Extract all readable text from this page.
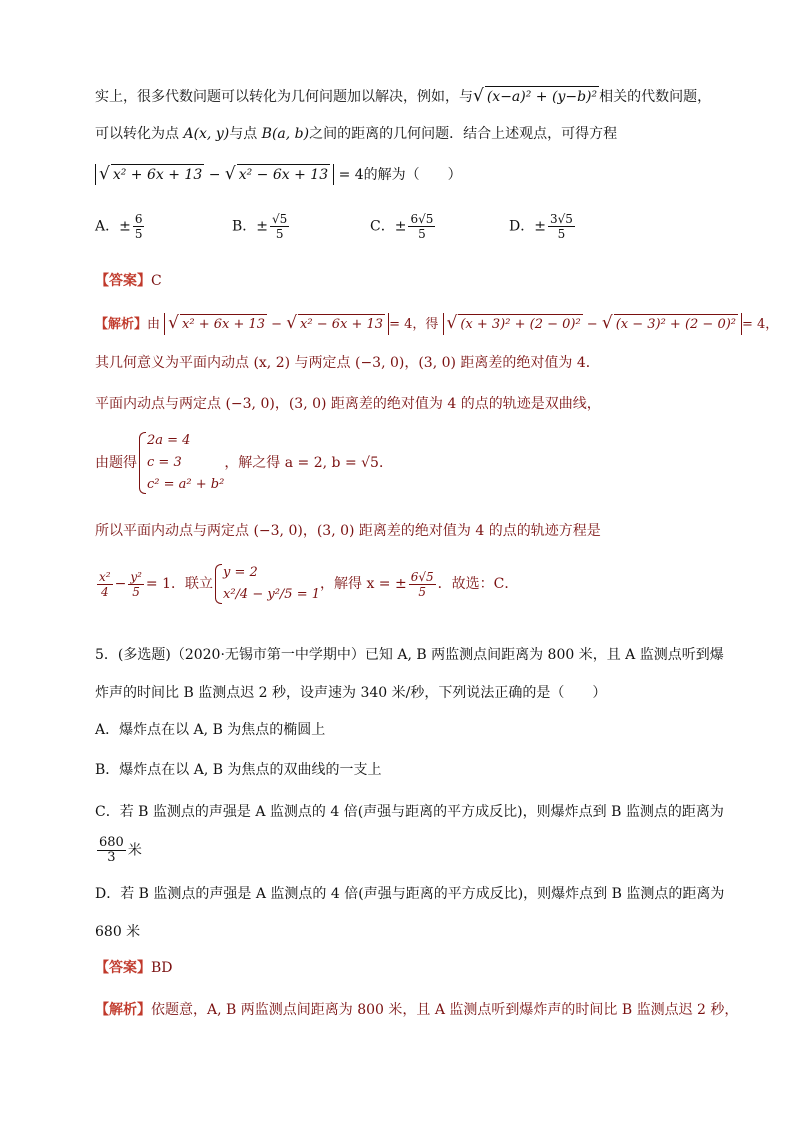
实上，很多代数问题可以转化为几何问题加以解决，例如，与√ (x−a)² + (y−b)² 相关的代数问题，
可以转化为点 A(x, y)与点 B(a, b)之间的距离的几何问题．结合上述观点，可得方程
√ x² + 6x + 13 − √ x² − 6x + 13 = 4的解为（　　）
A．± $\frac{6}{5}$	B．± $\frac{√5}{5}$	C．± $\frac{6√5}{5}$	D．± $\frac{3√5}{5}$
【答案】C
【解析】由 √ x² + 6x + 13 − √ x² − 6x + 13 = 4，得 √ (x + 3)² + (2 − 0)² − √ (x − 3)² + (2 − 0)² = 4，
其几何意义为平面内动点 (x, 2) 与两定点 (−3, 0)，(3, 0) 距离差的绝对值为 4．
平面内动点与两定点 (−3, 0)，(3, 0) 距离差的绝对值为 4 的点的轨迹是双曲线，
由题得
2a = 4
c = 3
c² = a² + b²
，解之得 a = 2, b = √5．
所以平面内动点与两定点 (−3, 0)，(3, 0) 距离差的绝对值为 4 的点的轨迹方程是
$\frac{\text{x²}}{4} - \frac{\text{y²}}{5} = 1$．联立
y = 2
x²/4 − y²/5 = 1
，解得 x = ± $\frac{6√5}{5}$ ．故选：C．
5．(多选题)（2020·无锡市第一中学期中）已知 A, B 两监测点间距离为 800 米，且 A 监测点听到爆
炸声的时间比 B 监测点迟 2 秒，设声速为 340 米/秒，下列说法正确的是（　　）
A．爆炸点在以 A, B 为焦点的椭圆上
B．爆炸点在以 A, B 为焦点的双曲线的一支上
C．若 B 监测点的声强是 A 监测点的 4 倍(声强与距离的平方成反比)，则爆炸点到 B 监测点的距离为
$\frac{680}{3}$ 米
D．若 B 监测点的声强是 A 监测点的 4 倍(声强与距离的平方成反比)，则爆炸点到 B 监测点的距离为
680 米
【答案】BD
【解析】依题意，A, B 两监测点间距离为 800 米，且 A 监测点听到爆炸声的时间比 B 监测点迟 2 秒，
